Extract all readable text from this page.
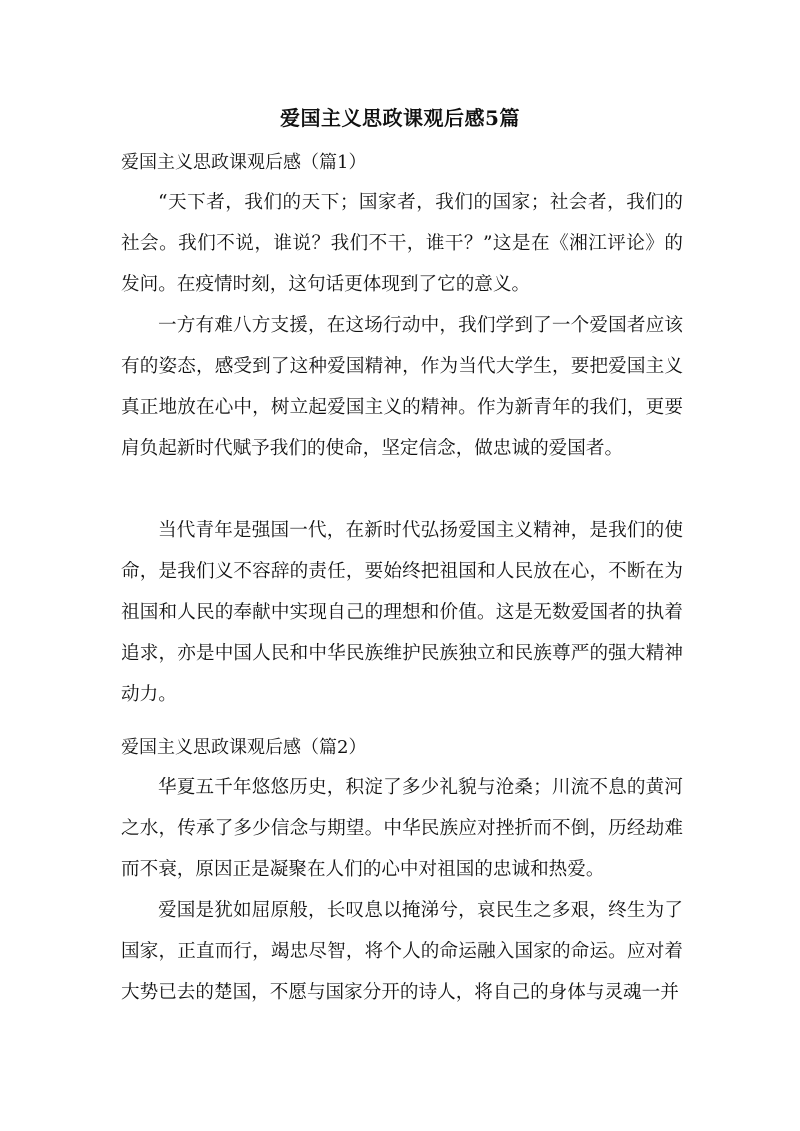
爱国主义思政课观后感5篇
爱国主义思政课观后感（篇1）

“天下者，我们的天下；国家者，我们的国家；社会者，我们的社会。我们不说，谁说？我们不干，谁干？”这是在《湘江评论》的发问。在疫情时刻，这句话更体现到了它的意义。

一方有难八方支援，在这场行动中，我们学到了一个爱国者应该有的姿态，感受到了这种爱国精神，作为当代大学生，要把爱国主义真正地放在心中，树立起爱国主义的精神。作为新青年的我们，更要肩负起新时代赋予我们的使命，坚定信念，做忠诚的爱国者。

当代青年是强国一代，在新时代弘扬爱国主义精神，是我们的使命，是我们义不容辞的责任，要始终把祖国和人民放在心，不断在为祖国和人民的奉献中实现自己的理想和价值。这是无数爱国者的执着追求，亦是中国人民和中华民族维护民族独立和民族尊严的强大精神动力。

爱国主义思政课观后感（篇2）

华夏五千年悠悠历史，积淀了多少礼貌与沧桑；川流不息的黄河之水，传承了多少信念与期望。中华民族应对挫折而不倒，历经劫难而不衰，原因正是凝聚在人们的心中对祖国的忠诚和热爱。

爱国是犹如屈原般，长叹息以掩涕兮，哀民生之多艰，终生为了国家，正直而行，竭忠尽智，将个人的命运融入国家的命运。应对着大势已去的楚国，不愿与国家分开的诗人，将自己的身体与灵魂一并
